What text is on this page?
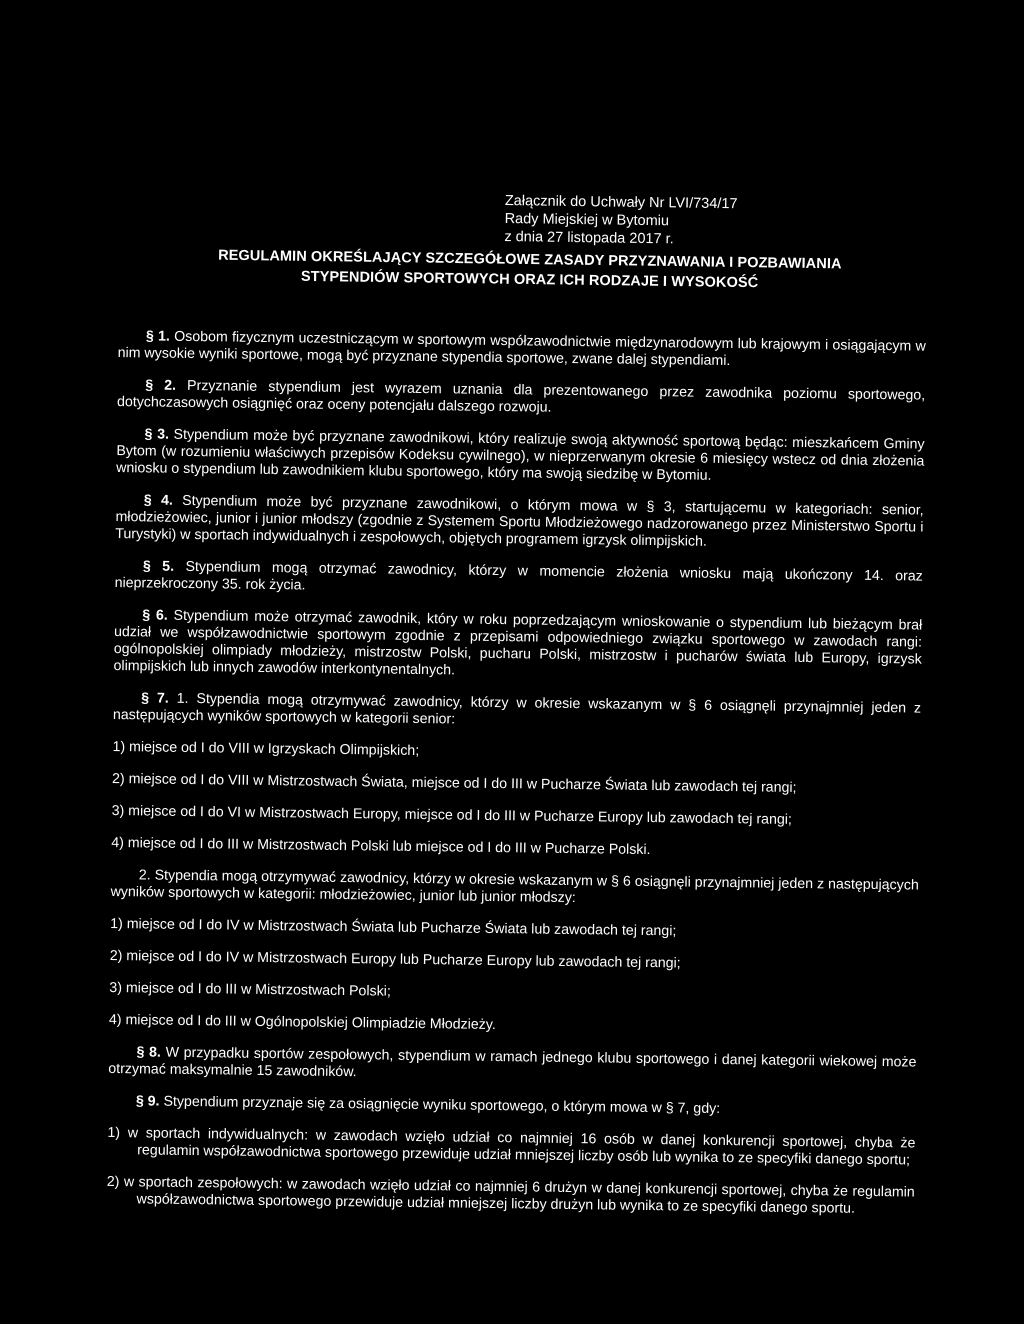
Załącznik do Uchwały Nr LVI/734/17
Rady Miejskiej w Bytomiu
z dnia 27 listopada 2017 r.
REGULAMIN OKREŚLAJĄCY SZCZEGÓŁOWE ZASADY PRZYZNAWANIA I POZBAWIANIA
STYPENDIÓW SPORTOWYCH ORAZ ICH RODZAJE I WYSOKOŚĆ

§ 1. Osobom fizycznym uczestniczącym w sportowym współzawodnictwie międzynarodowym lub krajowym i osiągającym w nim wysokie wyniki sportowe, mogą być przyznane stypendia sportowe, zwane dalej stypendiami.

§ 2. Przyznanie stypendium jest wyrazem uznania dla prezentowanego przez zawodnika poziomu sportowego, dotychczasowych osiągnięć oraz oceny potencjału dalszego rozwoju.

§ 3. Stypendium może być przyznane zawodnikowi, który realizuje swoją aktywność sportową będąc: mieszkańcem Gminy Bytom (w rozumieniu właściwych przepisów Kodeksu cywilnego), w nieprzerwanym okresie 6 miesięcy wstecz od dnia złożenia wniosku o stypendium lub zawodnikiem klubu sportowego, który ma swoją siedzibę w Bytomiu.

§ 4. Stypendium może być przyznane zawodnikowi, o którym mowa w § 3, startującemu w kategoriach: senior, młodzieżowiec, junior i junior młodszy (zgodnie z Systemem Sportu Młodzieżowego nadzorowanego przez Ministerstwo Sportu i Turystyki) w sportach indywidualnych i zespołowych, objętych programem igrzysk olimpijskich.

§ 5. Stypendium mogą otrzymać zawodnicy, którzy w momencie złożenia wniosku mają ukończony 14. oraz nieprzekroczony 35. rok życia.

§ 6. Stypendium może otrzymać zawodnik, który w roku poprzedzającym wnioskowanie o stypendium lub bieżącym brał udział we współzawodnictwie sportowym zgodnie z przepisami odpowiedniego związku sportowego w zawodach rangi: ogólnopolskiej olimpiady młodzieży, mistrzostw Polski, pucharu Polski, mistrzostw i pucharów świata lub Europy, igrzysk olimpijskich lub innych zawodów interkontynentalnych.

§ 7. 1. Stypendia mogą otrzymywać zawodnicy, którzy w okresie wskazanym w § 6 osiągnęli przynajmniej jeden z następujących wyników sportowych w kategorii senior:

1) miejsce od I do VIII w Igrzyskach Olimpijskich;
2) miejsce od I do VIII w Mistrzostwach Świata, miejsce od I do III w Pucharze Świata lub zawodach tej rangi;
3) miejsce od I do VI w Mistrzostwach Europy, miejsce od I do III w Pucharze Europy lub zawodach tej rangi;
4) miejsce od I do III w Mistrzostwach Polski lub miejsce od I do III w Pucharze Polski.

2. Stypendia mogą otrzymywać zawodnicy, którzy w okresie wskazanym w § 6 osiągnęli przynajmniej jeden z następujących wyników sportowych w kategorii: młodzieżowiec, junior lub junior młodszy:

1) miejsce od I do IV w Mistrzostwach Świata lub Pucharze Świata lub zawodach tej rangi;
2) miejsce od I do IV w Mistrzostwach Europy lub Pucharze Europy lub zawodach tej rangi;
3) miejsce od I do III w Mistrzostwach Polski;
4) miejsce od I do III w Ogólnopolskiej Olimpiadzie Młodzieży.

§ 8. W przypadku sportów zespołowych, stypendium w ramach jednego klubu sportowego i danej kategorii wiekowej może otrzymać maksymalnie 15 zawodników.

§ 9. Stypendium przyznaje się za osiągnięcie wyniku sportowego, o którym mowa w § 7, gdy:

1) w sportach indywidualnych: w zawodach wzięło udział co najmniej 16 osób w danej konkurencji sportowej, chyba że regulamin współzawodnictwa sportowego przewiduje udział mniejszej liczby osób lub wynika to ze specyfiki danego sportu;
2) w sportach zespołowych: w zawodach wzięło udział co najmniej 6 drużyn w danej konkurencji sportowej, chyba że regulamin współzawodnictwa sportowego przewiduje udział mniejszej liczby drużyn lub wynika to ze specyfiki danego sportu.
